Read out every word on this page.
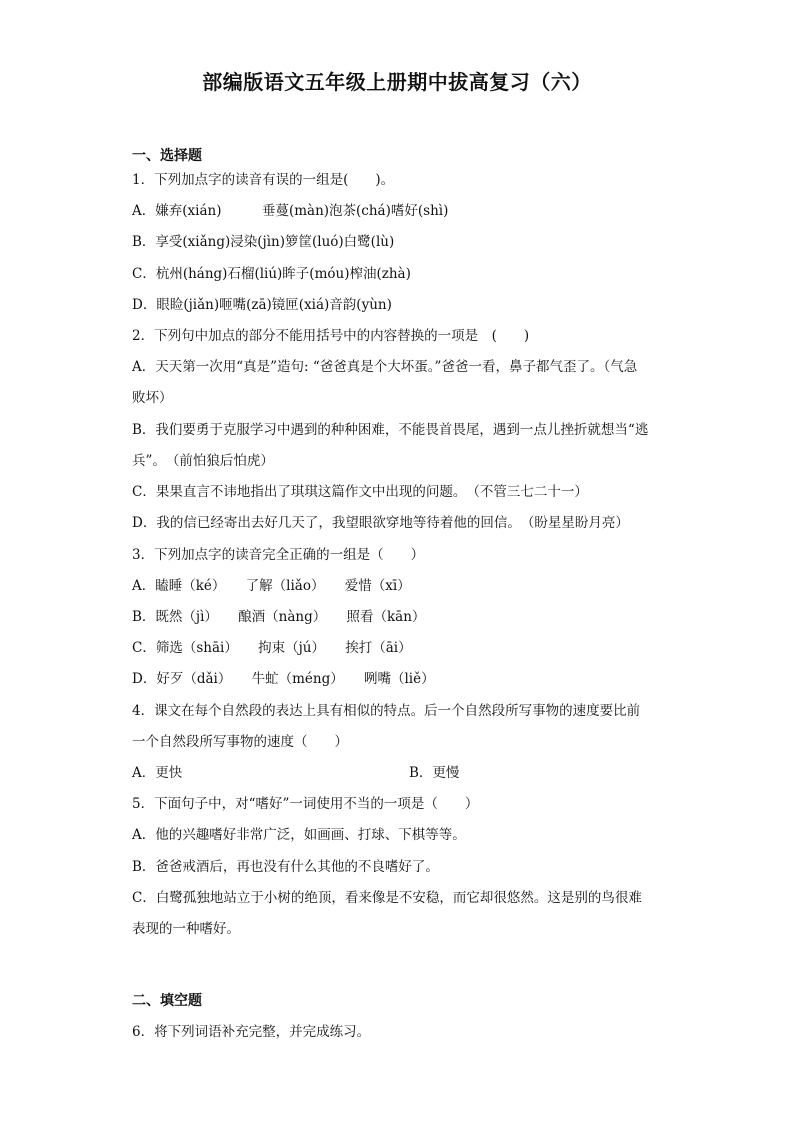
部编版语文五年级上册期中拔高复习（六）
一、选择题
1．下列加点字的读音有误的一组是(　　)。
A．嫌弃(xián)　　　垂蔓(màn)泡茶(chá)嗜好(shì)
B．享受(xiǎng)浸染(jìn)箩筐(luó)白鹭(lù)
C．杭州(háng)石榴(liú)眸子(móu)榨油(zhà)
D．眼睑(jiǎn)咂嘴(zā)镜匣(xiá)音韵(yùn)
2．下列句中加点的部分不能用括号中的内容替换的一项是　(　　)
A．天天第一次用“真是”造句: “爸爸真是个大坏蛋。”爸爸一看，鼻子都气歪了。（气急
败坏）
B．我们要勇于克服学习中遇到的种种困难，不能畏首畏尾，遇到一点儿挫折就想当“逃
兵”。　（前怕狼后怕虎）
C．果果直言不讳地指出了琪琪这篇作文中出现的问题。　（不管三七二十一）
D．我的信已经寄出去好几天了，我望眼欲穿地等待着他的回信。　（盼星星盼月亮）
3．下列加点字的读音完全正确的一组是（　　）
A．瞌睡（ké）　　了解（liǎo）　　爱惜（xī）
B．既然（jì）　　酿酒（nàng）　　照看（kān）
C．筛选（shāi）　　拘束（jú）　　挨打（āi）
D．好歹（dǎi）　　牛虻（méng）　　咧嘴（liě）
4．课文在每个自然段的表达上具有相似的特点。后一个自然段所写事物的速度要比前
一个自然段所写事物的速度（　　）
A．更快	B．更慢
5．下面句子中，对“嗜好”一词使用不当的一项是（　　）
A．他的兴趣嗜好非常广泛，如画画、打球、下棋等等。
B．爸爸戒酒后，再也没有什么其他的不良嗜好了。
C．白鹭孤独地站立于小树的绝顶，看来像是不安稳，而它却很悠然。这是别的鸟很难
表现的一种嗜好。
二、填空题
6．将下列词语补充完整，并完成练习。
